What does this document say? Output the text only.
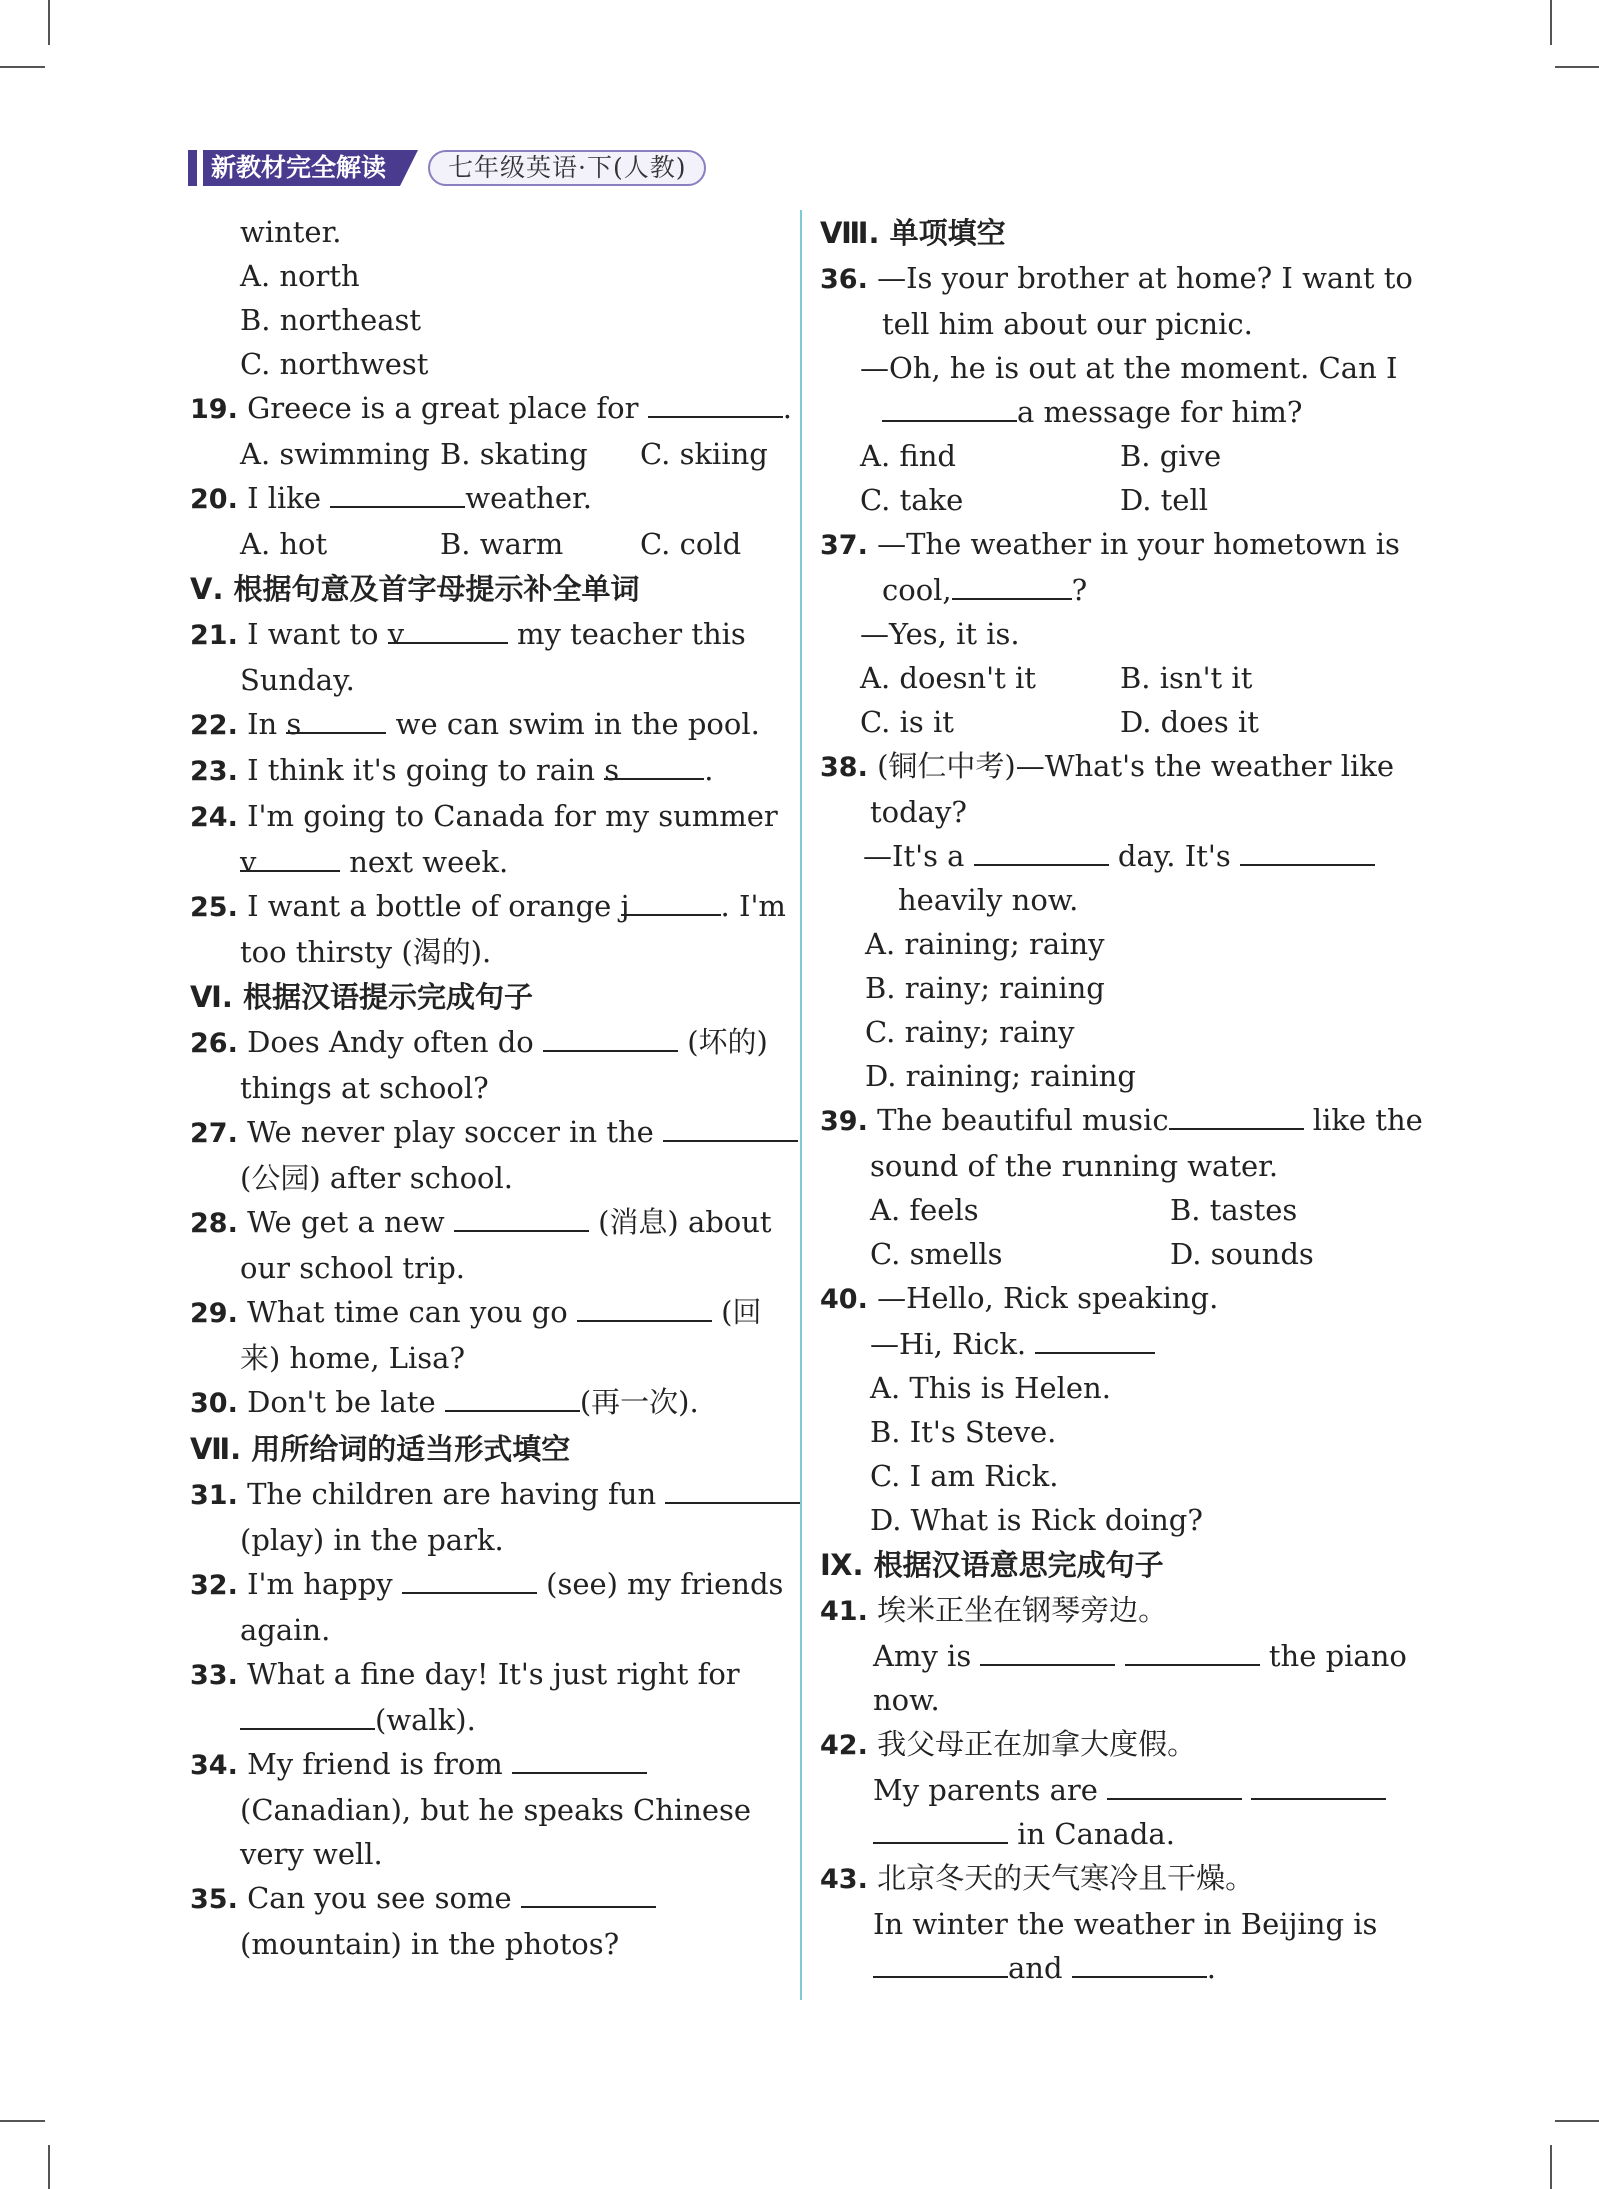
新教材完全解读	七年级英语·下(人教)
winter.
A. north
B. northeast
C. northwest
19. Greece is a great place for	.
A. swimming B. skating	C. skiing
20. I like	weather.
A. hot	B. warm	C. cold
Ⅴ. 根据句意及首字母提示补全单词
21. I want to v	my teacher this
Sunday.
22. In s	we can swim in the pool.
23. I think it's going to rain s	.
24. I'm going to Canada for my summer
v	next week.
25. I want a bottle of orange j	. I'm
too thirsty (渴的).
Ⅵ. 根据汉语提示完成句子
26. Does Andy often do	(坏的)
things at school?
27. We never play soccer in the
(公园) after school.
28. We get a new	(消息) about
our school trip.
29. What time can you go	(回
来) home, Lisa?
30. Don't be late	(再一次).
Ⅶ. 用所给词的适当形式填空
31. The children are having fun
(play) in the park.
32. I'm happy	(see) my friends
again.
33. What a fine day! It's just right for
(walk).
34. My friend is from
(Canadian), but he speaks Chinese
very well.
35. Can you see some
(mountain) in the photos?
Ⅷ. 单项填空
36. —Is your brother at home? I want to
tell him about our picnic.
—Oh, he is out at the moment. Can I
a message for him?
A. find	B. give
C. take	D. tell
37. —The weather in your hometown is
cool,	?
—Yes, it is.
A. doesn't it	B. isn't it
C. is it	D. does it
38. (铜仁中考)—What's the weather like
today?
—It's a	day. It's
heavily now.
A. raining; rainy
B. rainy; raining
C. rainy; rainy
D. raining; raining
39. The beautiful music	like the
sound of the running water.
A. feels	B. tastes
C. smells	D. sounds
40. —Hello, Rick speaking.
—Hi, Rick.
A. This is Helen.
B. It's Steve.
C. I am Rick.
D. What is Rick doing?
Ⅸ. 根据汉语意思完成句子
41. 埃米正坐在钢琴旁边。
Amy is	the piano
now.
42. 我父母正在加拿大度假。
My parents are
in Canada.
43. 北京冬天的天气寒冷且干燥。
In winter the weather in Beijing is
and	.
